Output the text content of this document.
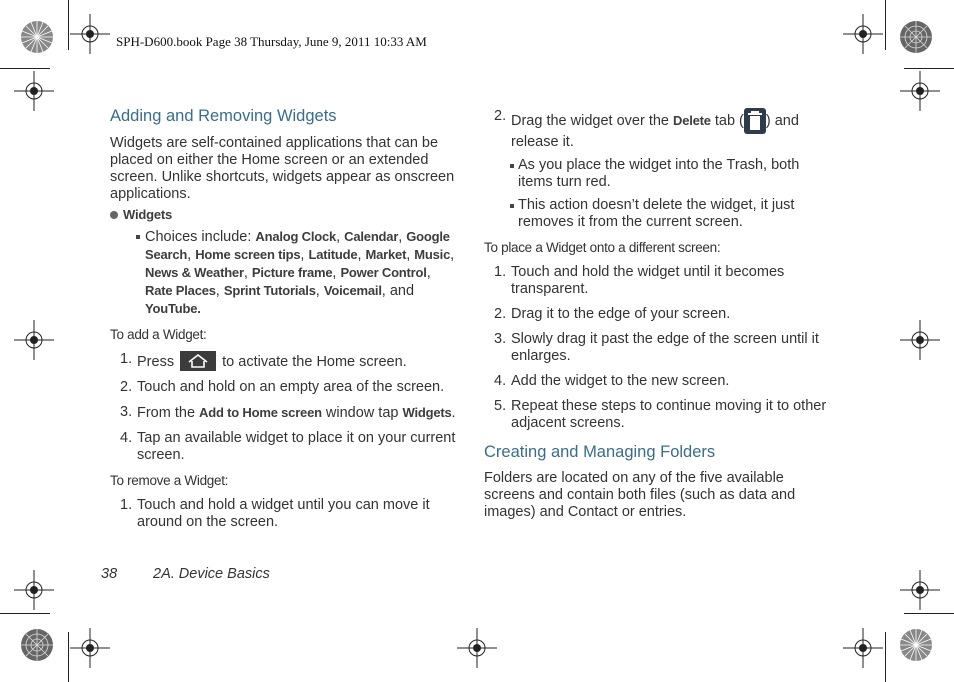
SPH-D600.book Page 38 Thursday, June 9, 2011 10:33 AM
Adding and Removing Widgets

Widgets are self-contained applications that can be placed on either the Home screen or an extended screen. Unlike shortcuts, widgets appear as onscreen applications.

Widgets
Choices include: Analog Clock, Calendar, Google Search, Home screen tips, Latitude, Market, Music, News & Weather, Picture frame, Power Control, Rate Places, Sprint Tutorials, Voicemail, and YouTube.

To add a Widget:

1. Press	to activate the Home screen.
2. Touch and hold on an empty area of the screen.
3. From the Add to Home screen window tap Widgets.
4. Tap an available widget to place it on your current screen.

To remove a Widget:

1. Touch and hold a widget until you can move it around on the screen.
2. Drag the widget over the Delete tab ( ) and release it.
As you place the widget into the Trash, both items turn red.
This action doesn’t delete the widget, it just removes it from the current screen.

To place a Widget onto a different screen:

1. Touch and hold the widget until it becomes transparent.
2. Drag it to the edge of your screen.
3. Slowly drag it past the edge of the screen until it enlarges.
4. Add the widget to the new screen.
5. Repeat these steps to continue moving it to other adjacent screens.
Creating and Managing Folders

Folders are located on any of the five available screens and contain both files (such as data and images) and Contact or entries.

38 2A. Device Basics
